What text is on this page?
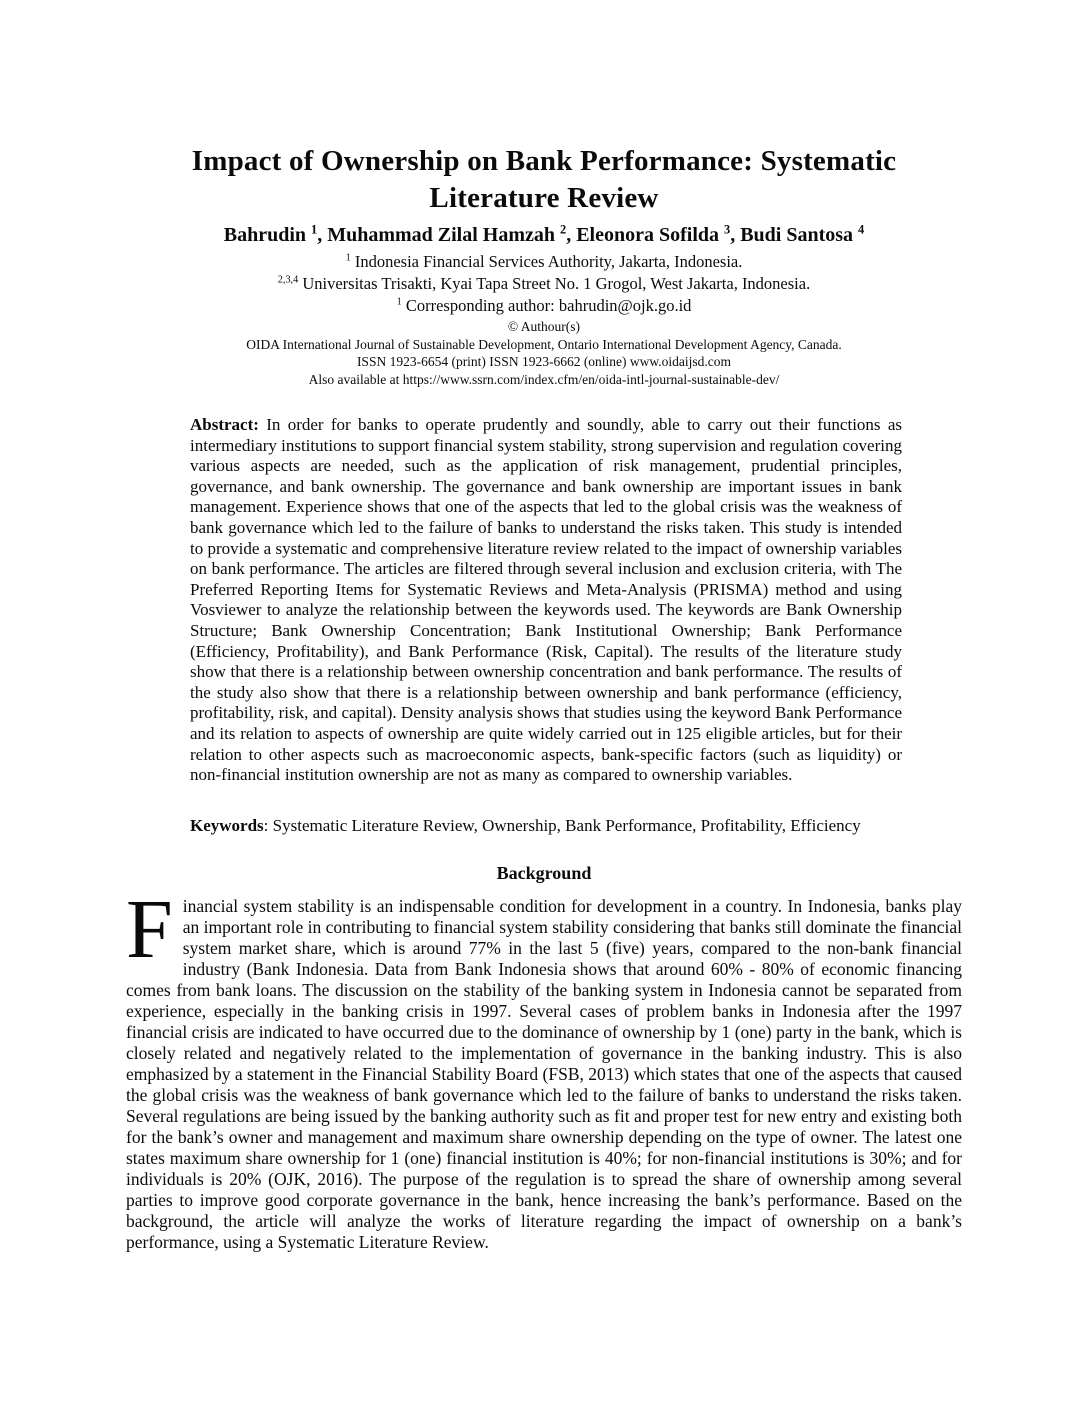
Impact of Ownership on Bank Performance: Systematic Literature Review
Bahrudin $^1$, Muhammad Zilal Hamzah $^2$, Eleonora Sofilda $^3$, Budi Santosa $^4$
$^1$ Indonesia Financial Services Authority, Jakarta, Indonesia.
$^{2,3,4}$ Universitas Trisakti, Kyai Tapa Street No. 1 Grogol, West Jakarta, Indonesia.
$^1$ Corresponding author: bahrudin@ojk.go.id
© Authour(s)
OIDA International Journal of Sustainable Development, Ontario International Development Agency, Canada.
ISSN 1923-6654 (print) ISSN 1923-6662 (online) www.oidaijsd.com
Also available at https://www.ssrn.com/index.cfm/en/oida-intl-journal-sustainable-dev/

Abstract: In order for banks to operate prudently and soundly, able to carry out their functions as intermediary institutions to support financial system stability, strong supervision and regulation covering various aspects are needed, such as the application of risk management, prudential principles, governance, and bank ownership. The governance and bank ownership are important issues in bank management. Experience shows that one of the aspects that led to the global crisis was the weakness of bank governance which led to the failure of banks to understand the risks taken. This study is intended to provide a systematic and comprehensive literature review related to the impact of ownership variables on bank performance. The articles are filtered through several inclusion and exclusion criteria, with The Preferred Reporting Items for Systematic Reviews and Meta-Analysis (PRISMA) method and using Vosviewer to analyze the relationship between the keywords used. The keywords are Bank Ownership Structure; Bank Ownership Concentration; Bank Institutional Ownership; Bank Performance (Efficiency, Profitability), and Bank Performance (Risk, Capital). The results of the literature study show that there is a relationship between ownership concentration and bank performance. The results of the study also show that there is a relationship between ownership and bank performance (efficiency, profitability, risk, and capital). Density analysis shows that studies using the keyword Bank Performance and its relation to aspects of ownership are quite widely carried out in 125 eligible articles, but for their relation to other aspects such as macroeconomic aspects, bank-specific factors (such as liquidity) or non-financial institution ownership are not as many as compared to ownership variables.

Keywords: Systematic Literature Review, Ownership, Bank Performance, Profitability, Efficiency

Background

Financial system stability is an indispensable condition for development in a country. In Indonesia, banks play an important role in contributing to financial system stability considering that banks still dominate the financial system market share, which is around 77% in the last 5 (five) years, compared to the non-bank financial industry (Bank Indonesia. Data from Bank Indonesia shows that around 60% - 80% of economic financing comes from bank loans. The discussion on the stability of the banking system in Indonesia cannot be separated from experience, especially in the banking crisis in 1997. Several cases of problem banks in Indonesia after the 1997 financial crisis are indicated to have occurred due to the dominance of ownership by 1 (one) party in the bank, which is closely related and negatively related to the implementation of governance in the banking industry. This is also emphasized by a statement in the Financial Stability Board (FSB, 2013) which states that one of the aspects that caused the global crisis was the weakness of bank governance which led to the failure of banks to understand the risks taken. Several regulations are being issued by the banking authority such as fit and proper test for new entry and existing both for the bank’s owner and management and maximum share ownership depending on the type of owner. The latest one states maximum share ownership for 1 (one) financial institution is 40%; for non-financial institutions is 30%; and for individuals is 20% (OJK, 2016). The purpose of the regulation is to spread the share of ownership among several parties to improve good corporate governance in the bank, hence increasing the bank’s performance. Based on the background, the article will analyze the works of literature regarding the impact of ownership on a bank’s performance, using a Systematic Literature Review.
